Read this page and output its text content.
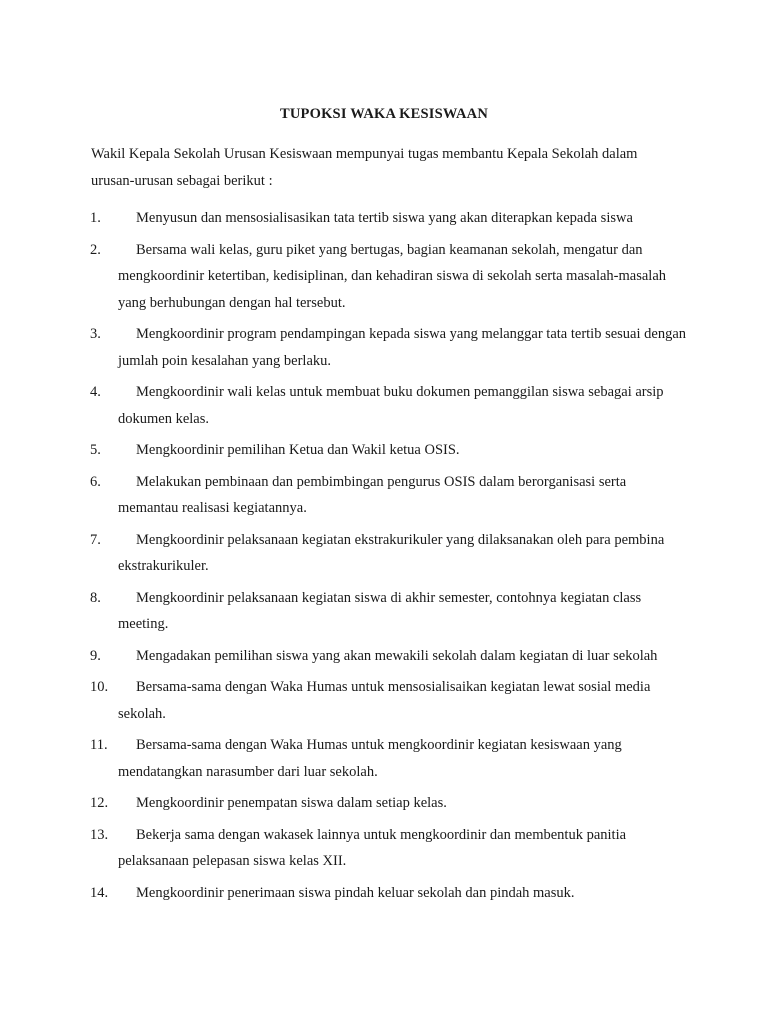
TUPOKSI WAKA KESISWAAN
Wakil Kepala Sekolah Urusan Kesiswaan mempunyai tugas membantu Kepala Sekolah dalam urusan-urusan sebagai berikut :
1.	Menyusun dan mensosialisasikan tata tertib siswa yang akan diterapkan kepada siswa
2.	Bersama wali kelas, guru piket yang bertugas, bagian keamanan sekolah, mengatur dan mengkoordinir ketertiban, kedisiplinan, dan kehadiran siswa di sekolah serta masalah-masalah yang berhubungan dengan hal tersebut.
3.	Mengkoordinir program pendampingan kepada siswa yang melanggar tata tertib sesuai dengan jumlah poin kesalahan yang berlaku.
4.	Mengkoordinir wali kelas untuk membuat buku dokumen pemanggilan siswa sebagai arsip dokumen kelas.
5.	Mengkoordinir pemilihan Ketua dan Wakil ketua OSIS.
6.	Melakukan pembinaan dan pembimbingan pengurus OSIS dalam berorganisasi serta memantau realisasi kegiatannya.
7.	Mengkoordinir pelaksanaan kegiatan ekstrakurikuler yang dilaksanakan oleh para pembina ekstrakurikuler.
8.	Mengkoordinir pelaksanaan kegiatan siswa di akhir semester, contohnya kegiatan class meeting.
9.	Mengadakan pemilihan siswa yang akan mewakili sekolah dalam kegiatan di luar sekolah
10.	Bersama-sama dengan Waka Humas untuk mensosialisaikan kegiatan lewat sosial media sekolah.
11.	Bersama-sama dengan Waka Humas untuk mengkoordinir kegiatan kesiswaan yang mendatangkan narasumber dari luar sekolah.
12.	Mengkoordinir penempatan siswa dalam setiap kelas.
13.	Bekerja sama dengan wakasek lainnya untuk mengkoordinir dan membentuk panitia pelaksanaan pelepasan siswa kelas XII.
14.	Mengkoordinir penerimaan siswa pindah keluar sekolah dan pindah masuk.
